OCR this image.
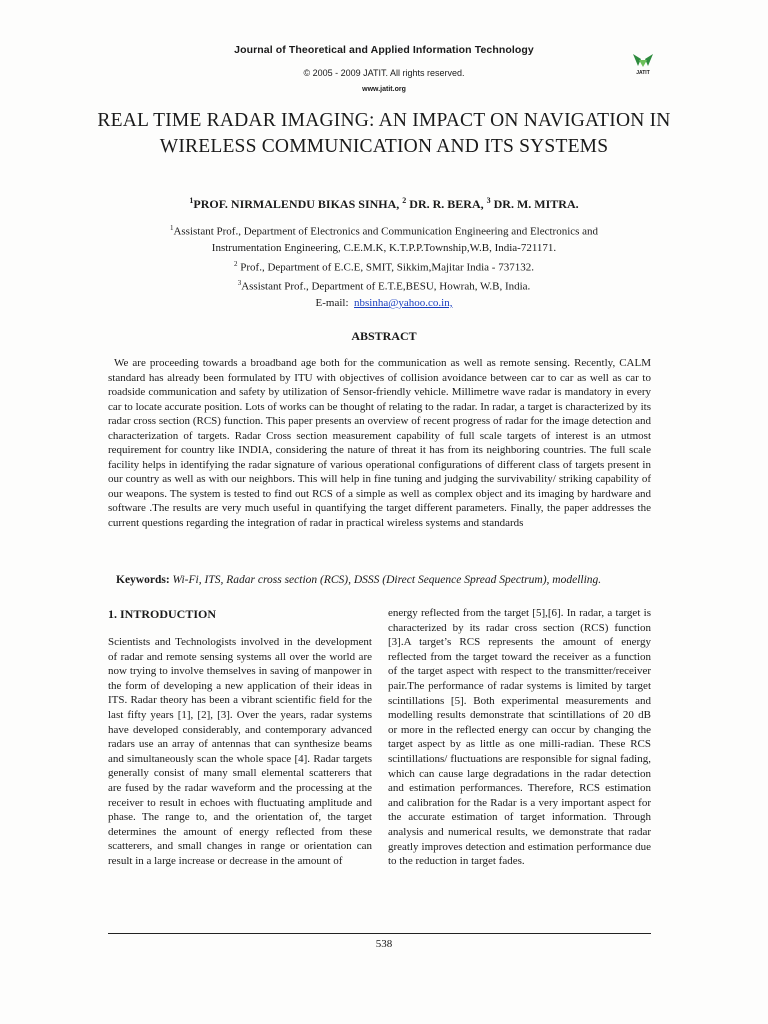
Journal of Theoretical and Applied Information Technology
© 2005 - 2009 JATIT. All rights reserved.
www.jatit.org
JATIT
REAL TIME RADAR IMAGING: AN IMPACT ON NAVIGATION IN WIRELESS COMMUNICATION AND ITS SYSTEMS
$^1$PROF. NIRMALENDU BIKAS SINHA, $^2$ DR. R. BERA, $^3$ DR. M. MITRA.
$^1$Assistant Prof., Department of Electronics and Communication Engineering and Electronics and
Instrumentation Engineering, C.E.M.K, K.T.P.P.Township,W.B, India-721171.
$^2$ Prof., Department of E.C.E, SMIT, Sikkim,Majitar India - 737132.
$^3$Assistant Prof., Department of E.T.E,BESU, Howrah, W.B, India.
E-mail: nbsinha@yahoo.co.in,
ABSTRACT

We are proceeding towards a broadband age both for the communication as well as remote sensing. Recently, CALM standard has already been formulated by ITU with objectives of collision avoidance between car to car as well as car to roadside communication and safety by utilization of Sensor-friendly vehicle. Millimetre wave radar is mandatory in every car to locate accurate position. Lots of works can be thought of relating to the radar. In radar, a target is characterized by its radar cross section (RCS) function. This paper presents an overview of recent progress of radar for the image detection and characterization of targets. Radar Cross section measurement capability of full scale targets of interest is an utmost requirement for country like INDIA, considering the nature of threat it has from its neighboring countries. The full scale facility helps in identifying the radar signature of various operational configurations of different class of targets present in our country as well as with our neighbors. This will help in fine tuning and judging the survivability/ striking capability of our weapons. The system is tested to find out RCS of a simple as well as complex object and its imaging by hardware and software .The results are very much useful in quantifying the target different parameters. Finally, the paper addresses the current questions regarding the integration of radar in practical wireless systems and standards

Keywords: Wi-Fi, ITS, Radar cross section (RCS), DSSS (Direct Sequence Spread Spectrum), modelling.
1. INTRODUCTION

Scientists and Technologists involved in the development of radar and remote sensing systems all over the world are now trying to involve themselves in saving of manpower in the form of developing a new application of their ideas in ITS. Radar theory has been a vibrant scientific field for the last fifty years [1], [2], [3]. Over the years, radar systems have developed considerably, and contemporary advanced radars use an array of antennas that can synthesize beams and simultaneously scan the whole space [4]. Radar targets generally consist of many small elemental scatterers that are fused by the radar waveform and the processing at the receiver to result in echoes with fluctuating amplitude and phase. The range to, and the orientation of, the target determines the amount of energy reflected from these scatterers, and small changes in range or orientation can result in a large increase or decrease in the amount of

energy reflected from the target [5],[6]. In radar, a target is characterized by its radar cross section (RCS) function [3].A target’s RCS represents the amount of energy reflected from the target toward the receiver as a function of the target aspect with respect to the transmitter/receiver pair.The performance of radar systems is limited by target scintillations [5]. Both experimental measurements and modelling results demonstrate that scintillations of 20 dB or more in the reflected energy can occur by changing the target aspect by as little as one milli-radian. These RCS scintillations/ fluctuations are responsible for signal fading, which can cause large degradations in the radar detection and estimation performances. Therefore, RCS estimation and calibration for the Radar is a very important aspect for the accurate estimation of target information. Through analysis and numerical results, we demonstrate that radar greatly improves detection and estimation performance due to the reduction in target fades.

538
